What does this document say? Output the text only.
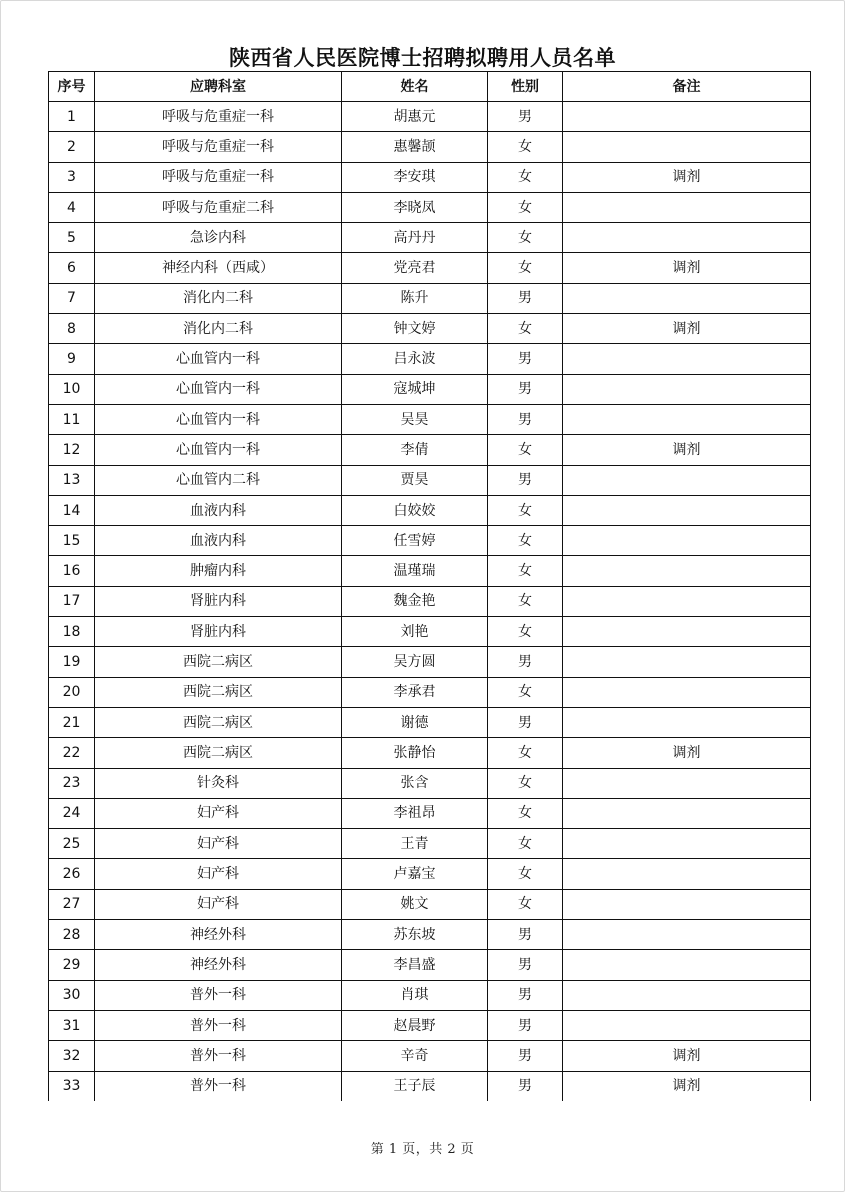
陕西省人民医院博士招聘拟聘用人员名单
序号	应聘科室	姓名	性别	备注
1	呼吸与危重症一科	胡惠元	男	
2	呼吸与危重症一科	惠馨颉	女	
3	呼吸与危重症一科	李安琪	女	调剂
4	呼吸与危重症二科	李晓凤	女	
5	急诊内科	高丹丹	女	
6	神经内科（西咸）	党亮君	女	调剂
7	消化内二科	陈升	男	
8	消化内二科	钟文婷	女	调剂
9	心血管内一科	吕永波	男	
10	心血管内一科	寇城坤	男	
11	心血管内一科	吴昊	男	
12	心血管内一科	李倩	女	调剂
13	心血管内二科	贾昊	男	
14	血液内科	白姣姣	女	
15	血液内科	任雪婷	女	
16	肿瘤内科	温瑾瑞	女	
17	肾脏内科	魏金艳	女	
18	肾脏内科	刘艳	女	
19	西院二病区	吴方圆	男	
20	西院二病区	李承君	女	
21	西院二病区	谢德	男	
22	西院二病区	张静怡	女	调剂
23	针灸科	张含	女	
24	妇产科	李祖昂	女	
25	妇产科	王青	女	
26	妇产科	卢嘉宝	女	
27	妇产科	姚文	女	
28	神经外科	苏东坡	男	
29	神经外科	李昌盛	男	
30	普外一科	肖琪	男	
31	普外一科	赵晨野	男	
32	普外一科	辛奇	男	调剂
33	普外一科	王子辰	男	调剂
第 1 页，共 2 页
